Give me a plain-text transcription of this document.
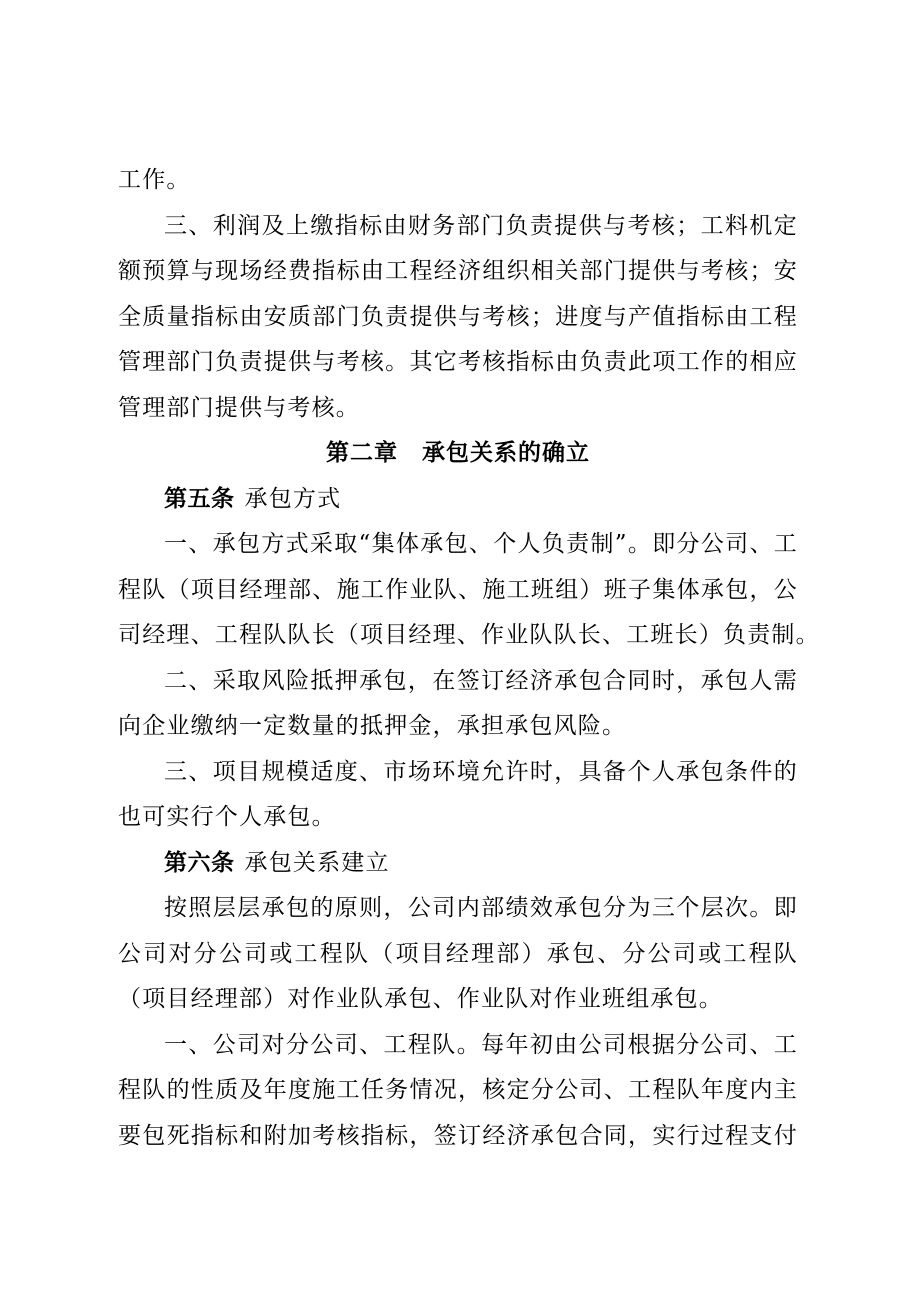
工作。
三、利润及上缴指标由财务部门负责提供与考核；工料机定
额预算与现场经费指标由工程经济组织相关部门提供与考核；安
全质量指标由安质部门负责提供与考核；进度与产值指标由工程
管理部门负责提供与考核。其它考核指标由负责此项工作的相应
管理部门提供与考核。
第二章 承包关系的确立
第五条 承包方式
一、承包方式采取“集体承包、个人负责制”。即分公司、工
程队（项目经理部、施工作业队、施工班组）班子集体承包，公
司经理、工程队队长（项目经理、作业队队长、工班长）负责制。
二、采取风险抵押承包，在签订经济承包合同时，承包人需
向企业缴纳一定数量的抵押金，承担承包风险。
三、项目规模适度、市场环境允许时，具备个人承包条件的
也可实行个人承包。
第六条 承包关系建立
按照层层承包的原则，公司内部绩效承包分为三个层次。即
公司对分公司或工程队（项目经理部）承包、分公司或工程队
（项目经理部）对作业队承包、作业队对作业班组承包。
一、公司对分公司、工程队。每年初由公司根据分公司、工
程队的性质及年度施工任务情况，核定分公司、工程队年度内主
要包死指标和附加考核指标，签订经济承包合同，实行过程支付
